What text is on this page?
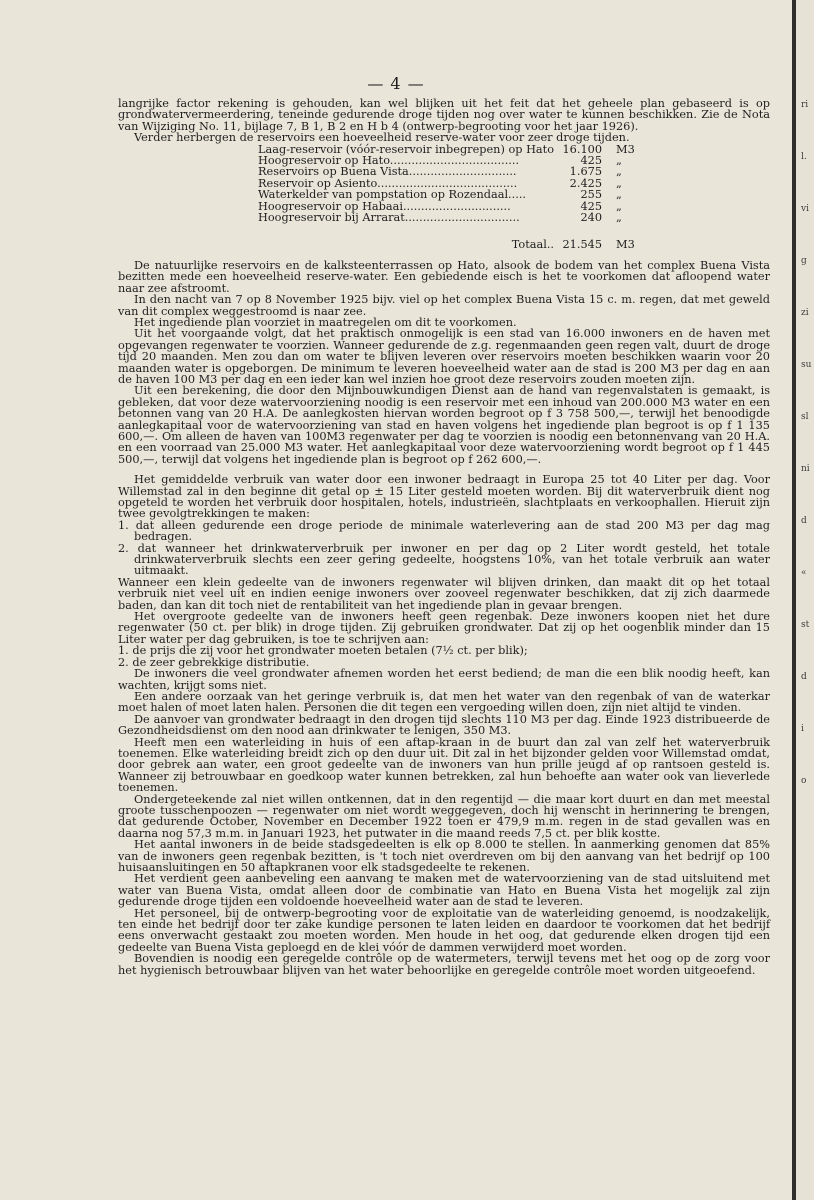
— 4 —

langrijke factor rekening is gehouden, kan wel blijken uit het feit dat het geheele plan gebaseerd is op grondwatervermeerdering, teneinde gedurende droge tijden nog over water te kunnen beschikken. Zie de Nota van Wijziging No. 11, bijlage 7, B 1, B 2 en H b 4 (ontwerp-begrooting voor het jaar 1926).

Verder herbergen de reservoirs een hoeveelheid reserve-water voor zeer droge tijden.

Laag-reservoir (vóór-reservoir inbegrepen) op Hato	16.100	M3
Hoogreservoir op Hato....................................	425	„
Reservoirs op Buena Vista..............................	1.675	„
Reservoir op Asiento.......................................	2.425	„
Waterkelder van pompstation op Rozendaal.....	255	„
Hoogreservoir op Habaai..............................	425	„
Hoogreservoir bij Arrarat................................	240	„
Totaal..	21.545	M3

De natuurlijke reservoirs en de kalksteenterrassen op Hato, alsook de bodem van het complex Buena Vista bezitten mede een hoeveelheid reserve-water. Een gebiedende eisch is het te voorkomen dat afloopend water naar zee afstroomt.

In den nacht van 7 op 8 November 1925 bijv. viel op het complex Buena Vista 15 c. m. regen, dat met geweld van dit complex weggestroomd is naar zee.

Het ingediende plan voorziet in maatregelen om dit te voorkomen.

Uit het voorgaande volgt, dat het praktisch onmogelijk is een stad van 16.000 inwoners en de haven met opgevangen regenwater te voorzien. Wanneer gedurende de z.g. regenmaanden geen regen valt, duurt de droge tijd 20 maanden. Men zou dan om water te blijven leveren over reservoirs moeten beschikken waarin voor 20 maanden water is opgeborgen. De minimum te leveren hoeveelheid water aan de stad is 200 M3 per dag en aan de haven 100 M3 per dag en een ieder kan wel inzien hoe groot deze reservoirs zouden moeten zijn.

Uit een berekening, die door den Mijnbouwkundigen Dienst aan de hand van regenvalstaten is gemaakt, is gebleken, dat voor deze watervoorziening noodig is een reservoir met een inhoud van 200.000 M3 water en een betonnen vang van 20 H.A. De aanlegkosten hiervan worden begroot op f 3 758 500,—, terwijl het benoodigde aanlegkapitaal voor de watervoorziening van stad en haven volgens het ingediende plan begroot is op f 1 135 600,—. Om alleen de haven van 100M3 regenwater per dag te voorzien is noodig een betonnenvang van 20 H.A. en een voorraad van 25.000 M3 water. Het aanlegkapitaal voor deze watervoorziening wordt begroot op f 1 445 500,—, terwijl dat volgens het ingediende plan is begroot op f 262 600,—.

Het gemiddelde verbruik van water door een inwoner bedraagt in Europa 25 tot 40 Liter per dag. Voor Willemstad zal in den beginne dit getal op ± 15 Liter gesteld moeten worden. Bij dit waterverbruik dient nog opgeteld te worden het verbruik door hospitalen, hotels, industrieën, slachtplaats en verkoophallen. Hieruit zijn twee gevolgtrekkingen te maken:

1. dat alleen gedurende een droge periode de minimale waterlevering aan de stad 200 M3 per dag mag bedragen.

2. dat wanneer het drinkwaterverbruik per inwoner en per dag op 2 Liter wordt gesteld, het totale drinkwaterverbruik slechts een zeer gering gedeelte, hoogstens 10%, van het totale verbruik aan water uitmaakt.

Wanneer een klein gedeelte van de inwoners regenwater wil blijven drinken, dan maakt dit op het totaal verbruik niet veel uit en indien eenige inwoners over zooveel regenwater beschikken, dat zij zich daarmede baden, dan kan dit toch niet de rentabiliteit van het ingediende plan in gevaar brengen.

Het overgroote gedeelte van de inwoners heeft geen regenbak. Deze inwoners koopen niet het dure regenwater (50 ct. per blik) in droge tijden. Zij gebruiken grondwater. Dat zij op het oogenblik minder dan 15 Liter water per dag gebruiken, is toe te schrijven aan:

1. de prijs die zij voor het grondwater moeten betalen (7½ ct. per blik);

2. de zeer gebrekkige distributie.

De inwoners die veel grondwater afnemen worden het eerst bediend; de man die een blik noodig heeft, kan wachten, krijgt soms niet.

Een andere oorzaak van het geringe verbruik is, dat men het water van den regenbak of van de waterkar moet halen of moet laten halen. Personen die dit tegen een vergoeding willen doen, zijn niet altijd te vinden.

De aanvoer van grondwater bedraagt in den drogen tijd slechts 110 M3 per dag. Einde 1923 distribueerde de Gezondheidsdienst om den nood aan drinkwater te lenigen, 350 M3.

Heeft men een waterleiding in huis of een aftap-kraan in de buurt dan zal van zelf het waterverbruik toenemen. Elke waterleiding breidt zich op den duur uit. Dit zal in het bijzonder gelden voor Willemstad omdat, door gebrek aan water, een groot gedeelte van de inwoners van hun prille jeugd af op rantsoen gesteld is. Wanneer zij betrouwbaar en goedkoop water kunnen betrekken, zal hun behoefte aan water ook van lieverlede toenemen.

Ondergeteekende zal niet willen ontkennen, dat in den regentijd — die maar kort duurt en dan met meestal groote tusschenpoozen — regenwater om niet wordt weggegeven, doch hij wenscht in herinnering te brengen, dat gedurende October, November en December 1922 toen er 479,9 m.m. regen in de stad gevallen was en daarna nog 57,3 m.m. in Januari 1923, het putwater in die maand reeds 7,5 ct. per blik kostte.

Het aantal inwoners in de beide stadsgedeelten is elk op 8.000 te stellen. In aanmerking genomen dat 85% van de inwoners geen regenbak bezitten, is 't toch niet overdreven om bij den aanvang van het bedrijf op 100 huisaansluitingen en 50 aftapkranen voor elk stadsgedeelte te rekenen.

Het verdient geen aanbeveling een aanvang te maken met de watervoorziening van de stad uitsluitend met water van Buena Vista, omdat alleen door de combinatie van Hato en Buena Vista het mogelijk zal zijn gedurende droge tijden een voldoende hoeveelheid water aan de stad te leveren.

Het personeel, bij de ontwerp-begrooting voor de exploitatie van de waterleiding genoemd, is noodzakelijk, ten einde het bedrijf door ter zake kundige personen te laten leiden en daardoor te voorkomen dat het bedrijf eens onverwacht gestaakt zou moeten worden. Men houde in het oog, dat gedurende elken drogen tijd een gedeelte van Buena Vista geploegd en de klei vóór de dammen verwijderd moet worden.

Bovendien is noodig een geregelde contrôle op de watermeters, terwijl tevens met het oog op de zorg voor het hygienisch betrouwbaar blijven van het water behoorlijke en geregelde contrôle moet worden uitgeoefend.

ri
l.
vi
g
zi
su
sl
ni
d
«
st
d
i
o
